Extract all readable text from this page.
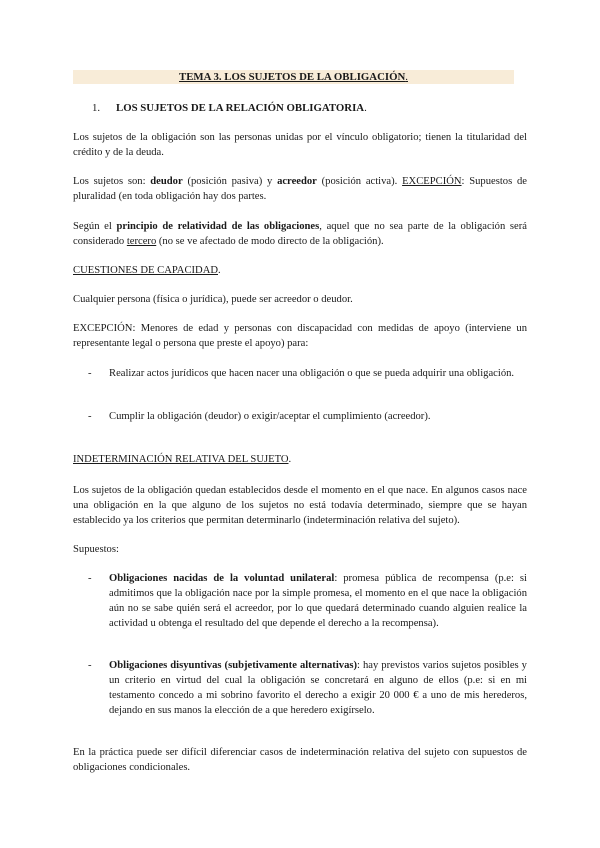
TEMA 3. LOS SUJETOS DE LA OBLIGACIÓN.
1. LOS SUJETOS DE LA RELACIÓN OBLIGATORIA.

Los sujetos de la obligación son las personas unidas por el vínculo obligatorio; tienen la titularidad del crédito y de la deuda.

Los sujetos son: deudor (posición pasiva) y acreedor (posición activa). EXCEPCIÓN: Supuestos de pluralidad (en toda obligación hay dos partes.

Según el principio de relatividad de las obligaciones, aquel que no sea parte de la obligación será considerado tercero (no se ve afectado de modo directo de la obligación).

CUESTIONES DE CAPACIDAD.

Cualquier persona (física o jurídica), puede ser acreedor o deudor.

EXCEPCIÓN: Menores de edad y personas con discapacidad con medidas de apoyo (interviene un representante legal o persona que preste el apoyo) para:

- Realizar actos jurídicos que hacen nacer una obligación o que se pueda adquirir una obligación.
- Cumplir la obligación (deudor) o exigir/aceptar el cumplimiento (acreedor).

INDETERMINACIÓN RELATIVA DEL SUJETO.

Los sujetos de la obligación quedan establecidos desde el momento en el que nace. En algunos casos nace una obligación en la que alguno de los sujetos no está todavía determinado, siempre que se hayan establecido ya los criterios que permitan determinarlo (indeterminación relativa del sujeto).

Supuestos:

- Obligaciones nacidas de la voluntad unilateral: promesa pública de recompensa (p.e: si admitimos que la obligación nace por la simple promesa, el momento en el que nace la obligación aún no se sabe quién será el acreedor, por lo que quedará determinado cuando alguien realice la actividad u obtenga el resultado del que depende el derecho a la recompensa).
- Obligaciones disyuntivas (subjetivamente alternativas): hay previstos varios sujetos posibles y un criterio en virtud del cual la obligación se concretará en alguno de ellos (p.e: si en mi testamento concedo a mi sobrino favorito el derecho a exigir 20 000 € a uno de mis herederos, dejando en sus manos la elección de a que heredero exigírselo.

En la práctica puede ser difícil diferenciar casos de indeterminación relativa del sujeto con supuestos de obligaciones condicionales.
